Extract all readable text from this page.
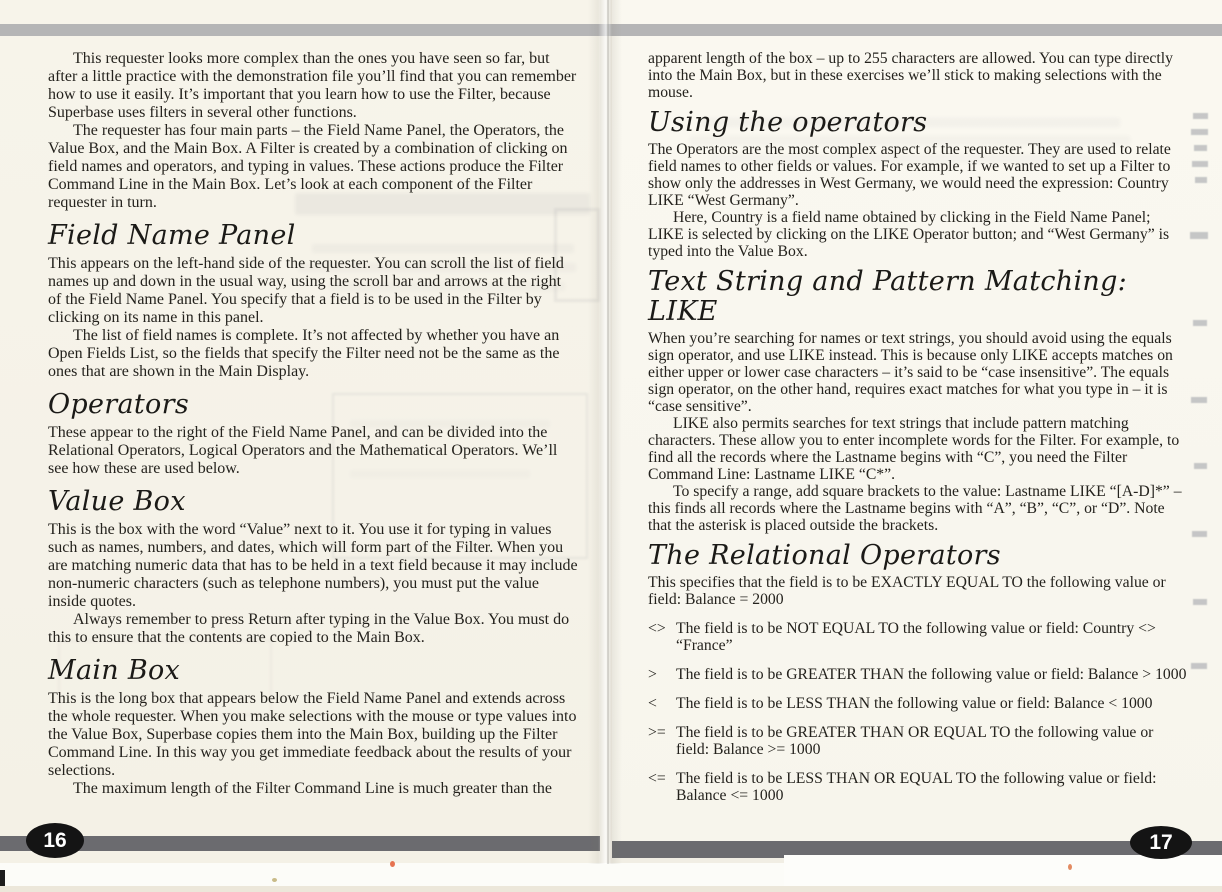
This requester looks more complex than the ones you have seen so far, but after a little practice with the demonstration file you’ll find that you can remember how to use it easily. It’s important that you learn how to use the Filter, because Superbase uses filters in several other functions.

The requester has four main parts – the Field Name Panel, the Operators, the Value Box, and the Main Box. A Filter is created by a combination of clicking on field names and operators, and typing in values. These actions produce the Filter Command Line in the Main Box. Let’s look at each component of the Filter requester in turn.

Field Name Panel

This appears on the left-hand side of the requester. You can scroll the list of field names up and down in the usual way, using the scroll bar and arrows at the right of the Field Name Panel. You specify that a field is to be used in the Filter by clicking on its name in this panel.

The list of field names is complete. It’s not affected by whether you have an Open Fields List, so the fields that specify the Filter need not be the same as the ones that are shown in the Main Display.

Operators

These appear to the right of the Field Name Panel, and can be divided into the Relational Operators, Logical Operators and the Mathematical Operators. We’ll see how these are used below.

Value Box

This is the box with the word “Value” next to it. You use it for typing in values such as names, numbers, and dates, which will form part of the Filter. When you are matching numeric data that has to be held in a text field because it may include non-numeric characters (such as telephone numbers), you must put the value inside quotes.

Always remember to press Return after typing in the Value Box. You must do this to ensure that the contents are copied to the Main Box.

Main Box

This is the long box that appears below the Field Name Panel and extends across the whole requester. When you make selections with the mouse or type values into the Value Box, Superbase copies them into the Main Box, building up the Filter Command Line. In this way you get immediate feedback about the results of your selections.

The maximum length of the Filter Command Line is much greater than the

apparent length of the box – up to 255 characters are allowed. You can type directly into the Main Box, but in these exercises we’ll stick to making selections with the mouse.

Using the operators

The Operators are the most complex aspect of the requester. They are used to relate field names to other fields or values. For example, if we wanted to set up a Filter to show only the addresses in West Germany, we would need the expression: Country LIKE “West Germany”.

Here, Country is a field name obtained by clicking in the Field Name Panel; LIKE is selected by clicking on the LIKE Operator button; and “West Germany” is typed into the Value Box.

Text String and Pattern Matching: LIKE

When you’re searching for names or text strings, you should avoid using the equals sign operator, and use LIKE instead. This is because only LIKE accepts matches on either upper or lower case characters – it’s said to be “case insensitive”. The equals sign operator, on the other hand, requires exact matches for what you type in – it is “case sensitive”.

LIKE also permits searches for text strings that include pattern matching characters. These allow you to enter incomplete words for the Filter. For example, to find all the records where the Lastname begins with “C”, you need the Filter Command Line: Lastname LIKE “C*”.

To specify a range, add square brackets to the value: Lastname LIKE “[A-D]*” – this finds all records where the Lastname begins with “A”, “B”, “C”, or “D”. Note that the asterisk is placed outside the brackets.

The Relational Operators

This specifies that the field is to be EXACTLY EQUAL TO the following value or field: Balance = 2000

<> The field is to be NOT EQUAL TO the following value or field: Country <> “France”
>	The field is to be GREATER THAN the following value or field: Balance > 1000
<	The field is to be LESS THAN the following value or field: Balance < 1000
>= The field is to be GREATER THAN OR EQUAL TO the following value or field: Balance >= 1000
<= The field is to be LESS THAN OR EQUAL TO the following value or field: Balance <= 1000
16	17
